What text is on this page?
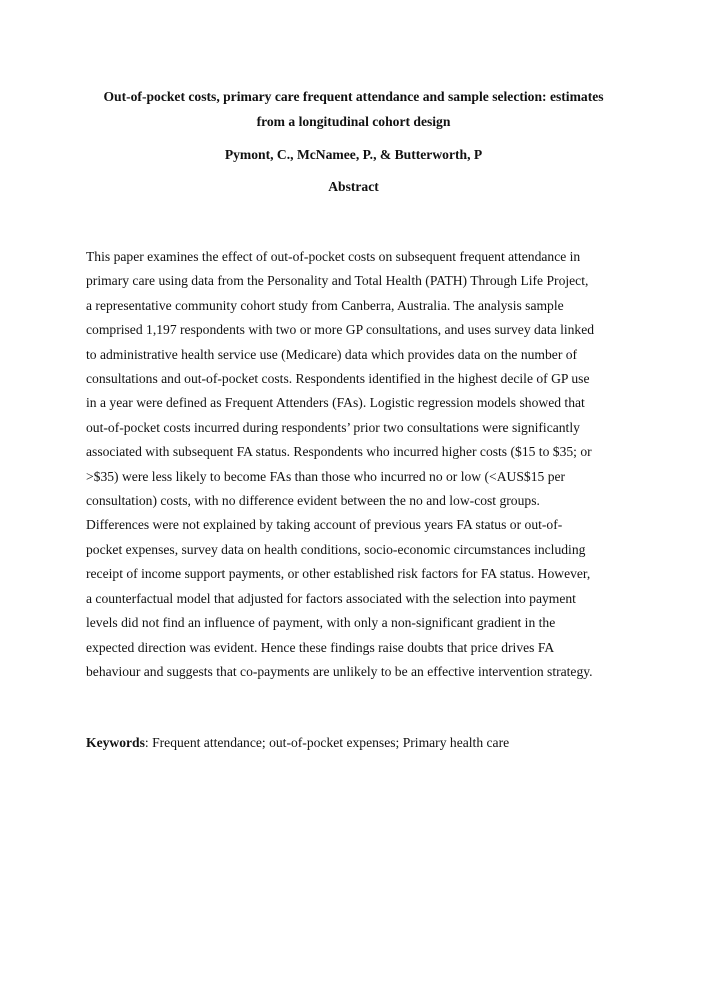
Out-of-pocket costs, primary care frequent attendance and sample selection: estimates
from a longitudinal cohort design
Pymont, C., McNamee, P., & Butterworth, P
Abstract
This paper examines the effect of out-of-pocket costs on subsequent frequent attendance in
primary care using data from the Personality and Total Health (PATH) Through Life Project,
a representative community cohort study from Canberra, Australia. The analysis sample
comprised 1,197 respondents with two or more GP consultations, and uses survey data linked
to administrative health service use (Medicare) data which provides data on the number of
consultations and out-of-pocket costs. Respondents identified in the highest decile of GP use
in a year were defined as Frequent Attenders (FAs). Logistic regression models showed that
out-of-pocket costs incurred during respondents’ prior two consultations were significantly
associated with subsequent FA status. Respondents who incurred higher costs ($15 to $35; or
>$35) were less likely to become FAs than those who incurred no or low (<AUS$15 per
consultation) costs, with no difference evident between the no and low-cost groups.
Differences were not explained by taking account of previous years FA status or out-of-
pocket expenses, survey data on health conditions, socio-economic circumstances including
receipt of income support payments, or other established risk factors for FA status. However,
a counterfactual model that adjusted for factors associated with the selection into payment
levels did not find an influence of payment, with only a non-significant gradient in the
expected direction was evident. Hence these findings raise doubts that price drives FA
behaviour and suggests that co-payments are unlikely to be an effective intervention strategy.
Keywords: Frequent attendance; out-of-pocket expenses; Primary health care
